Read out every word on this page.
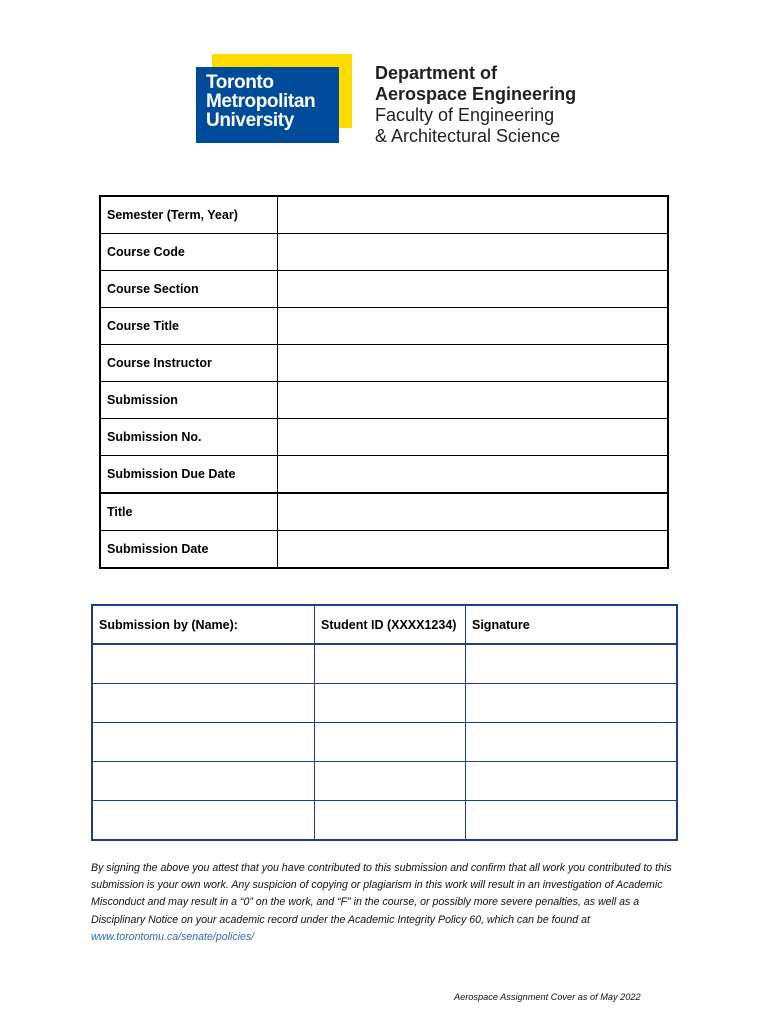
Toronto
Metropolitan
University
Department of
Aerospace Engineering
Faculty of Engineering
& Architectural Science
Semester (Term, Year)	
Course Code	
Course Section	
Course Title	
Course Instructor	
Submission	
Submission No.	
Submission Due Date	
Title	
Submission Date	
Submission by (Name):	Student ID (XXXX1234)	Signature

By signing the above you attest that you have contributed to this submission and confirm that all work you contributed to this submission is your own work. Any suspicion of copying or plagiarism in this work will result in an investigation of Academic Misconduct and may result in a “0” on the work, and “F” in the course, or possibly more severe penalties, as well as a Disciplinary Notice on your academic record under the Academic Integrity Policy 60, which can be found at www.torontomu.ca/senate/policies/
Aerospace Assignment Cover as of May 2022
